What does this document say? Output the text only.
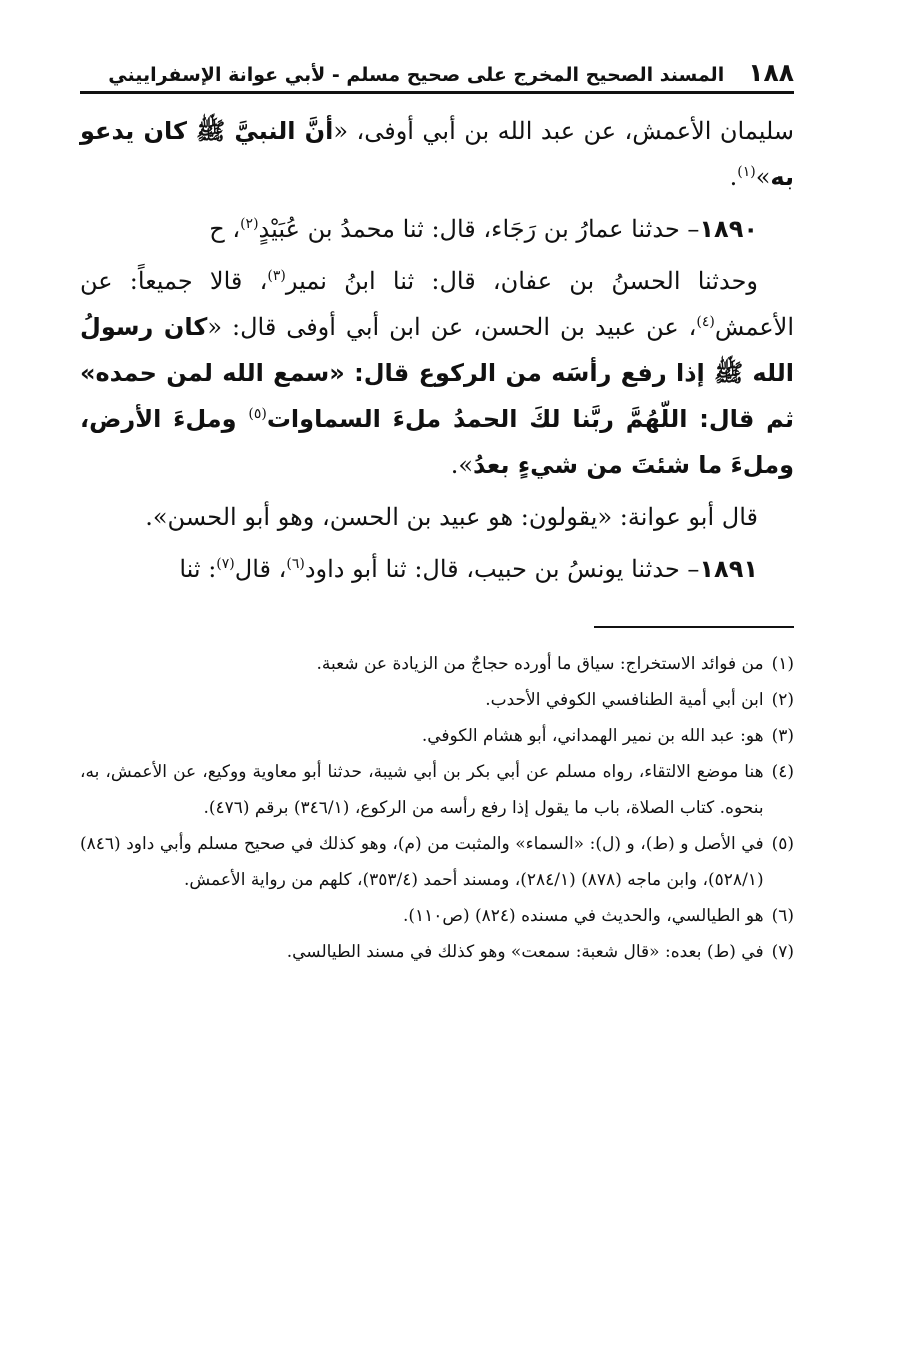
١٨٨
المسند الصحيح المخرج على صحيح مسلم - لأبي عوانة الإسفراييني

سليمان الأعمش، عن عبد الله بن أبي أوفى، «أنَّ النبيَّ ﷺ كان يدعو به»$^{(١)}$.

١٨٩٠– حدثنا عمارُ بن رَجَاء، قال: ثنا محمدُ بن عُبَيْدٍ$^{(٢)}$، ح

وحدثنا الحسنُ بن عفان، قال: ثنا ابنُ نمير$^{(٣)}$، قالا جميعاً: عن الأعمش$^{(٤)}$، عن عبيد بن الحسن، عن ابن أبي أوفى قال: «كان رسولُ الله ﷺ إذا رفع رأسَه من الركوع قال: «سمع الله لمن حمده» ثم قال: اللّهُمَّ ربَّنا لكَ الحمدُ ملءَ السماوات$^{(٥)}$ وملءَ الأرض، وملءَ ما شئتَ من شيءٍ بعدُ».

قال أبو عوانة: «يقولون: هو عبيد بن الحسن، وهو أبو الحسن».

١٨٩١– حدثنا يونسُ بن حبيب، قال: ثنا أبو داود$^{(٦)}$، قال$^{(٧)}$: ثنا

(١)
من فوائد الاستخراج: سياق ما أورده حجاجٌ من الزيادة عن شعبة.
(٢)
ابن أبي أمية الطنافسي الكوفي الأحدب.
(٣)
هو: عبد الله بن نمير الهمداني، أبو هشام الكوفي.
(٤)
هنا موضع الالتقاء، رواه مسلم عن أبي بكر بن أبي شيبة، حدثنا أبو معاوية ووكيع، عن الأعمش، به، بنحوه. كتاب الصلاة، باب ما يقول إذا رفع رأسه من الركوع، (٣٤٦/١) برقم (٤٧٦).
(٥)
في الأصل و (ط)، و (ل): «السماء» والمثبت من (م)، وهو كذلك في صحيح مسلم وأبي داود (٨٤٦) (٥٢٨/١)، وابن ماجه (٨٧٨) (٢٨٤/١)، ومسند أحمد (٣٥٣/٤)، كلهم من رواية الأعمش.
(٦)
هو الطيالسي، والحديث في مسنده (٨٢٤) (ص١١٠).
(٧)
في (ط) بعده: «قال شعبة: سمعت» وهو كذلك في مسند الطيالسي.
